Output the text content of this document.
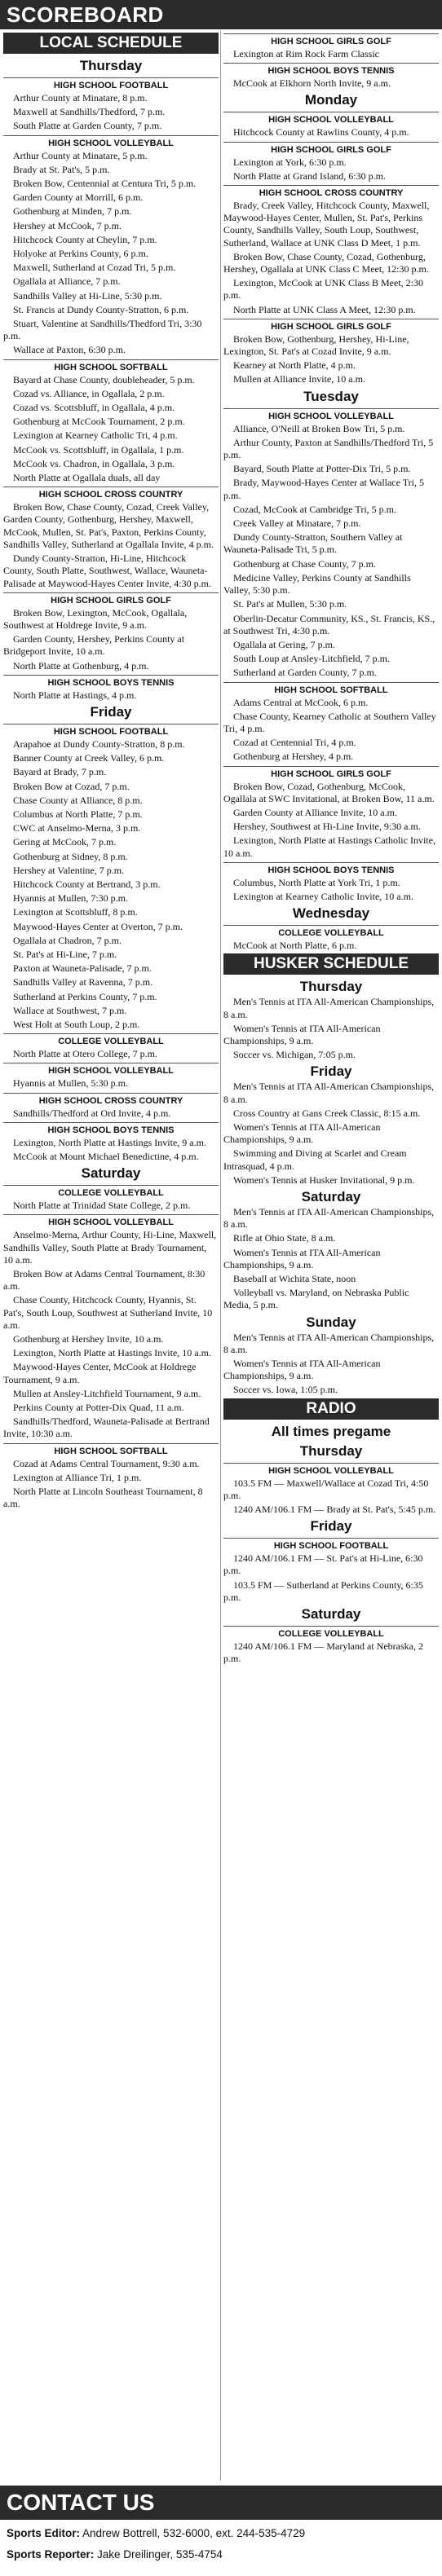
SCOREBOARD
LOCAL SCHEDULE
Thursday
HIGH SCHOOL FOOTBALL
Arthur County at Minatare, 8 p.m.
Maxwell at Sandhills/Thedford, 7 p.m.
South Platte at Garden County, 7 p.m.
HIGH SCHOOL VOLLEYBALL
Arthur County at Minatare, 5 p.m.
Brady at St. Pat's, 5 p.m.
Broken Bow, Centennial at Centura Tri, 5 p.m.
Garden County at Morrill, 6 p.m.
Gothenburg at Minden, 7 p.m.
Hershey at McCook, 7 p.m.
Hitchcock County at Cheylin, 7 p.m.
Holyoke at Perkins County, 6 p.m.
Maxwell, Sutherland at Cozad Tri, 5 p.m.
Ogallala at Alliance, 7 p.m.
Sandhills Valley at Hi-Line, 5:30 p.m.
St. Francis at Dundy County-Stratton, 6 p.m.
Stuart, Valentine at Sandhills/Thedford Tri, 3:30 p.m.
Wallace at Paxton, 6:30 p.m.
HIGH SCHOOL SOFTBALL
Bayard at Chase County, doubleheader, 5 p.m.
Cozad vs. Alliance, in Ogallala, 2 p.m.
Cozad vs. Scottsbluff, in Ogallala, 4 p.m.
Gothenburg at McCook Tournament, 2 p.m.
Lexington at Kearney Catholic Tri, 4 p.m.
McCook vs. Scottsbluff, in Ogallala, 1 p.m.
McCook vs. Chadron, in Ogallala, 3 p.m.
North Platte at Ogallala duals, all day
HIGH SCHOOL CROSS COUNTRY
Broken Bow, Chase County, Cozad, Creek Valley, Garden County, Gothenburg, Hershey, Maxwell, McCook, Mullen, St. Pat's, Paxton, Perkins County, Sandhills Valley, Sutherland at Ogallala Invite, 4 p.m.
Dundy County-Stratton, Hi-Line, Hitchcock County, South Platte, Southwest, Wallace, Wauneta-Palisade at Maywood-Hayes Center Invite, 4:30 p.m.
HIGH SCHOOL GIRLS GOLF
Broken Bow, Lexington, McCook, Ogallala, Southwest at Holdrege Invite, 9 a.m.
Garden County, Hershey, Perkins County at Bridgeport Invite, 10 a.m.
North Platte at Gothenburg, 4 p.m.
HIGH SCHOOL BOYS TENNIS
North Platte at Hastings, 4 p.m.
Friday
HIGH SCHOOL FOOTBALL
Arapahoe at Dundy County-Stratton, 8 p.m.
Banner County at Creek Valley, 6 p.m.
Bayard at Brady, 7 p.m.
Broken Bow at Cozad, 7 p.m.
Chase County at Alliance, 8 p.m.
Columbus at North Platte, 7 p.m.
CWC at Anselmo-Merna, 3 p.m.
Gering at McCook, 7 p.m.
Gothenburg at Sidney, 8 p.m.
Hershey at Valentine, 7 p.m.
Hitchcock County at Bertrand, 3 p.m.
Hyannis at Mullen, 7:30 p.m.
Lexington at Scottsbluff, 8 p.m.
Maywood-Hayes Center at Overton, 7 p.m.
Ogallala at Chadron, 7 p.m.
St. Pat's at Hi-Line, 7 p.m.
Paxton at Wauneta-Palisade, 7 p.m.
Sandhills Valley at Ravenna, 7 p.m.
Sutherland at Perkins County, 7 p.m.
Wallace at Southwest, 7 p.m.
West Holt at South Loup, 2 p.m.
COLLEGE VOLLEYBALL
North Platte at Otero College, 7 p.m.
HIGH SCHOOL VOLLEYBALL
Hyannis at Mullen, 5:30 p.m.
HIGH SCHOOL CROSS COUNTRY
Sandhills/Thedford at Ord Invite, 4 p.m.
HIGH SCHOOL BOYS TENNIS
Lexington, North Platte at Hastings Invite, 9 a.m.
McCook at Mount Michael Benedictine, 4 p.m.
Saturday
COLLEGE VOLLEYBALL
North Platte at Trinidad State College, 2 p.m.
HIGH SCHOOL VOLLEYBALL
Anselmo-Merna, Arthur County, Hi-Line, Maxwell, Sandhills Valley, South Platte at Brady Tournament, 10 a.m.
Broken Bow at Adams Central Tournament, 8:30 a.m.
Chase County, Hitchcock County, Hyannis, St. Pat's, South Loup, Southwest at Sutherland Invite, 10 a.m.
Gothenburg at Hershey Invite, 10 a.m.
Lexington, North Platte at Hastings Invite, 10 a.m.
Maywood-Hayes Center, McCook at Holdrege Tournament, 9 a.m.
Mullen at Ansley-Litchfield Tournament, 9 a.m.
Perkins County at Potter-Dix Quad, 11 a.m.
Sandhills/Thedford, Wauneta-Palisade at Bertrand Invite, 10:30 a.m.
HIGH SCHOOL SOFTBALL
Cozad at Adams Central Tournament, 9:30 a.m.
Lexington at Alliance Tri, 1 p.m.
North Platte at Lincoln Southeast Tournament, 8 a.m.
HIGH SCHOOL GIRLS GOLF
Lexington at Rim Rock Farm Classic
HIGH SCHOOL BOYS TENNIS
McCook at Elkhorn North Invite, 9 a.m.
Monday
HIGH SCHOOL VOLLEYBALL
Hitchcock County at Rawlins County, 4 p.m.
HIGH SCHOOL GIRLS GOLF
Lexington at York, 6:30 p.m.
North Platte at Grand Island, 6:30 p.m.
HIGH SCHOOL CROSS COUNTRY
Brady, Creek Valley, Hitchcock County, Maxwell, Maywood-Hayes Center, Mullen, St. Pat's, Perkins County, Sandhills Valley, South Loup, Southwest, Sutherland, Wallace at UNK Class D Meet, 1 p.m.
Broken Bow, Chase County, Cozad, Gothenburg, Hershey, Ogallala at UNK Class C Meet, 12:30 p.m.
Lexington, McCook at UNK Class B Meet, 2:30 p.m.
North Platte at UNK Class A Meet, 12:30 p.m.
HIGH SCHOOL GIRLS GOLF
Broken Bow, Gothenburg, Hershey, Hi-Line, Lexington, St. Pat's at Cozad Invite, 9 a.m.
Kearney at North Platte, 4 p.m.
Mullen at Alliance Invite, 10 a.m.
Tuesday
HIGH SCHOOL VOLLEYBALL
Alliance, O'Neill at Broken Bow Tri, 5 p.m.
Arthur County, Paxton at Sandhills/Thedford Tri, 5 p.m.
Bayard, South Platte at Potter-Dix Tri, 5 p.m.
Brady, Maywood-Hayes Center at Wallace Tri, 5 p.m.
Cozad, McCook at Cambridge Tri, 5 p.m.
Creek Valley at Minatare, 7 p.m.
Dundy County-Stratton, Southern Valley at Wauneta-Palisade Tri, 5 p.m.
Gothenburg at Chase County, 7 p.m.
Medicine Valley, Perkins County at Sandhills Valley, 5:30 p.m.
St. Pat's at Mullen, 5:30 p.m.
Oberlin-Decatur Community, KS., St. Francis, KS., at Southwest Tri, 4:30 p.m.
Ogallala at Gering, 7 p.m.
South Loup at Ansley-Litchfield, 7 p.m.
Sutherland at Garden County, 7 p.m.
HIGH SCHOOL SOFTBALL
Adams Central at McCook, 6 p.m.
Chase County, Kearney Catholic at Southern Valley Tri, 4 p.m.
Cozad at Centennial Tri, 4 p.m.
Gothenburg at Hershey, 4 p.m.
HIGH SCHOOL GIRLS GOLF
Broken Bow, Cozad, Gothenburg, McCook, Ogallala at SWC Invitational, at Broken Bow, 11 a.m.
Garden County at Alliance Invite, 10 a.m.
Hershey, Southwest at Hi-Line Invite, 9:30 a.m.
Lexington, North Platte at Hastings Catholic Invite, 10 a.m.
HIGH SCHOOL BOYS TENNIS
Columbus, North Platte at York Tri, 1 p.m.
Lexington at Kearney Catholic Invite, 10 a.m.
Wednesday
COLLEGE VOLLEYBALL
McCook at North Platte, 6 p.m.
HUSKER SCHEDULE
Thursday
Men's Tennis at ITA All-American Championships, 8 a.m.
Women's Tennis at ITA All-American Championships, 9 a.m.
Soccer vs. Michigan, 7:05 p.m.
Friday
Men's Tennis at ITA All-American Championships, 8 a.m.
Cross Country at Gans Creek Classic, 8:15 a.m.
Women's Tennis at ITA All-American Championships, 9 a.m.
Swimming and Diving at Scarlet and Cream Intrasquad, 4 p.m.
Women's Tennis at Husker Invitational, 9 p.m.
Saturday
Men's Tennis at ITA All-American Championships, 8 a.m.
Rifle at Ohio State, 8 a.m.
Women's Tennis at ITA All-American Championships, 9 a.m.
Baseball at Wichita State, noon
Volleyball vs. Maryland, on Nebraska Public Media, 5 p.m.
Sunday
Men's Tennis at ITA All-American Championships, 8 a.m.
Women's Tennis at ITA All-American Championships, 9 a.m.
Soccer vs. Iowa, 1:05 p.m.
RADIO
All times pregame
Thursday
HIGH SCHOOL VOLLEYBALL
103.5 FM — Maxwell/Wallace at Cozad Tri, 4:50 p.m.
1240 AM/106.1 FM — Brady at St. Pat's, 5:45 p.m.
Friday
HIGH SCHOOL FOOTBALL
1240 AM/106.1 FM — St. Pat's at Hi-Line, 6:30 p.m.
103.5 FM — Sutherland at Perkins County, 6:35 p.m.
Saturday
COLLEGE VOLLEYBALL
1240 AM/106.1 FM — Maryland at Nebraska, 2 p.m.
CONTACT US
Sports Editor: Andrew Bottrell, 532-6000, ext. 244-535-4729
Sports Reporter: Jake Dreilinger, 535-4754
